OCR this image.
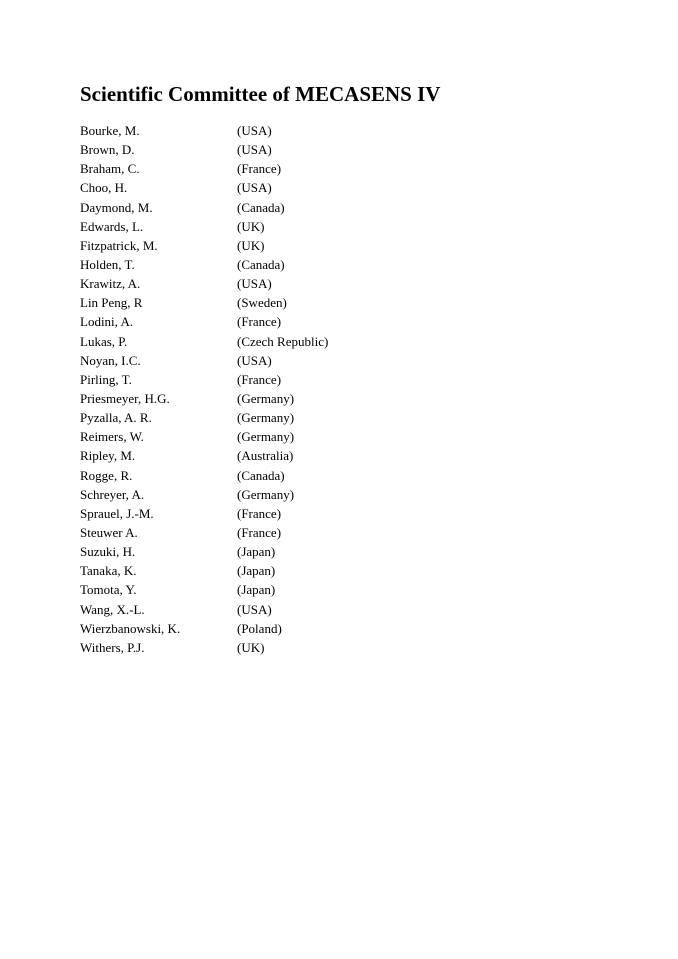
Scientific Committee of MECASENS IV
Bourke, M.	(USA)
Brown, D.	(USA)
Braham, C.	(France)
Choo, H.	(USA)
Daymond, M.	(Canada)
Edwards, L.	(UK)
Fitzpatrick, M.	(UK)
Holden, T.	(Canada)
Krawitz, A.	(USA)
Lin Peng, R	(Sweden)
Lodini, A.	(France)
Lukas, P.	(Czech Republic)
Noyan, I.C.	(USA)
Pirling, T.	(France)
Priesmeyer, H.G.	(Germany)
Pyzalla, A. R.	(Germany)
Reimers, W.	(Germany)
Ripley, M.	(Australia)
Rogge, R.	(Canada)
Schreyer, A.	(Germany)
Sprauel, J.-M.	(France)
Steuwer A.	(France)
Suzuki, H.	(Japan)
Tanaka, K.	(Japan)
Tomota, Y.	(Japan)
Wang, X.-L.	(USA)
Wierzbanowski, K.	(Poland)
Withers, P.J.	(UK)
